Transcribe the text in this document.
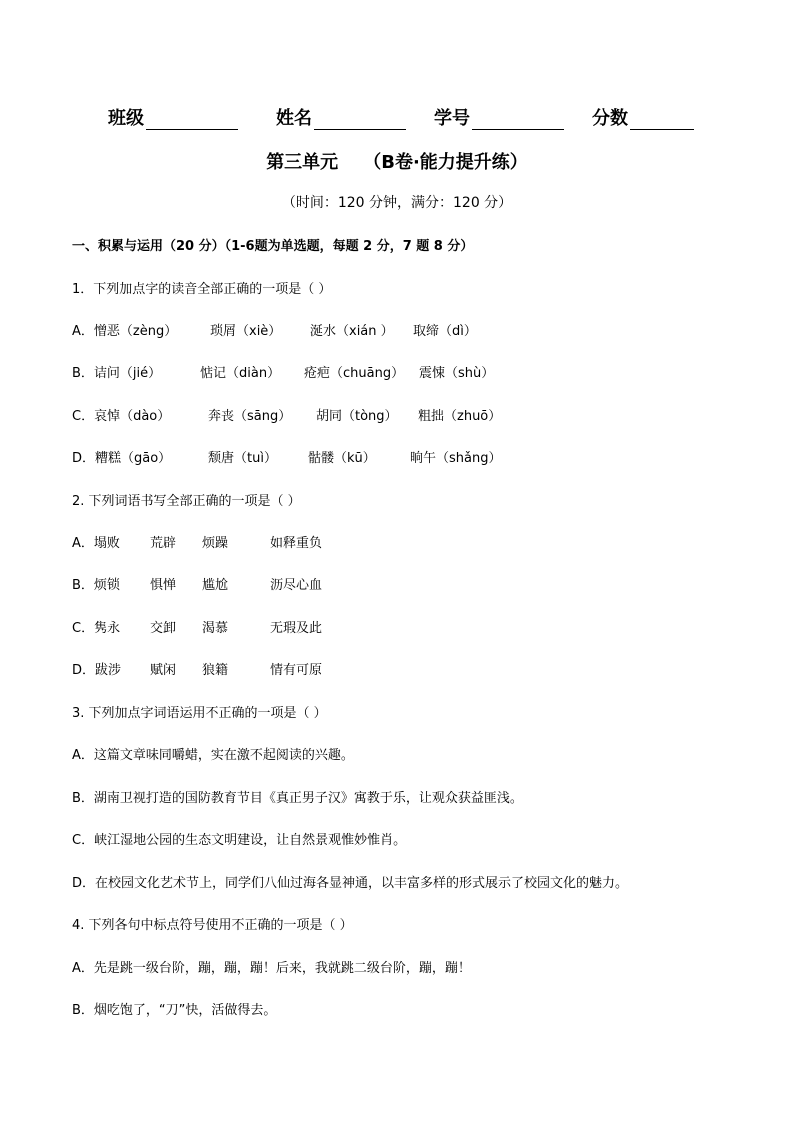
班级	姓名	学号	分数
第三单元    （B卷·能力提升练）
（时间：120 分钟，满分：120 分）
一、积累与运用（20 分）（1-6题为单选题，每题 2 分，7 题 8 分）
1．下列加点字的读音全部正确的一项是（ ）
A．憎恶（zèng）	琐屑（xiè） 涎水（xián ） 取缔（dì）
B．诘问（jié）	惦记（diàn） 疮疤（chuāng） 震悚（shù）
C．哀悼（dào）	奔丧（sāng） 胡同（tòng） 粗拙（zhuō）
D．糟糕（gāo）	颓唐（tuì） 骷髅（kū）	晌午（shǎng）
2. 下列词语书写全部正确的一项是（ ）
A．塌败 荒辟 烦躁	如释重负
B．烦锁 惧惮 尴尬	沥尽心血
C．隽永 交卸 渴慕	无瑕及此
D．跋涉 赋闲 狼籍	情有可原
3. 下列加点字词语运用不正确的一项是（ ）
A．这篇文章味同嚼蜡，实在激不起阅读的兴趣。
B．湖南卫视打造的国防教育节目《真正男子汉》寓教于乐，让观众获益匪浅。
C．峡江湿地公园的生态文明建设，让自然景观惟妙惟肖。
D．在校园文化艺术节上，同学们八仙过海各显神通，以丰富多样的形式展示了校园文化的魅力。
4. 下列各句中标点符号使用不正确的一项是（ ）
A．先是跳一级台阶，蹦，蹦，蹦！后来，我就跳二级台阶，蹦，蹦！
B．烟吃饱了，“刀”快，活做得去。
